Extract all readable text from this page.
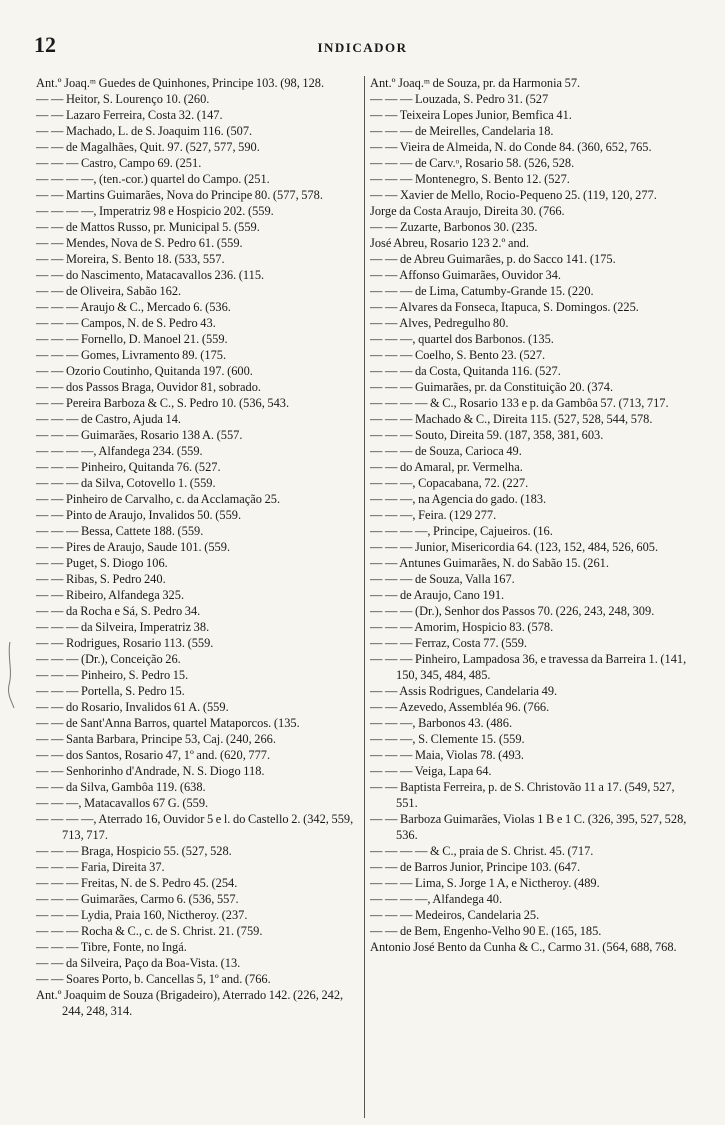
12	INDICADOR

Ant.º Joaq.ᵐ Guedes de Quinhones, Principe 103. (98, 128.

— — Heitor, S. Lourenço 10. (260.

— — Lazaro Ferreira, Costa 32. (147.

— — Machado, L. de S. Joaquim 116. (507.

— — de Magalhães, Quit. 97. (527, 577, 590.

— — — Castro, Campo 69. (251.

— — — —, (ten.-cor.) quartel do Campo. (251.

— — Martins Guimarães, Nova do Principe 80. (577, 578.

— — — —, Imperatriz 98 e Hospicio 202. (559.

— — de Mattos Russo, pr. Municipal 5. (559.

— — Mendes, Nova de S. Pedro 61. (559.

— — Moreira, S. Bento 18. (533, 557.

— — do Nascimento, Matacavallos 236. (115.

— — de Oliveira, Sabão 162.

— — — Araujo & C., Mercado 6. (536.

— — — Campos, N. de S. Pedro 43.

— — — Fornello, D. Manoel 21. (559.

— — — Gomes, Livramento 89. (175.

— — Ozorio Coutinho, Quitanda 197. (600.

— — dos Passos Braga, Ouvidor 81, sobrado.

— — Pereira Barboza & C., S. Pedro 10. (536, 543.

— — — de Castro, Ajuda 14.

— — — Guimarães, Rosario 138 A. (557.

— — — —, Alfandega 234. (559.

— — — Pinheiro, Quitanda 76. (527.

— — — da Silva, Cotovello 1. (559.

— — Pinheiro de Carvalho, c. da Acclamação 25.

— — Pinto de Araujo, Invalidos 50. (559.

— — — Bessa, Cattete 188. (559.

— — Pires de Araujo, Saude 101. (559.

— — Puget, S. Diogo 106.

— — Ribas, S. Pedro 240.

— — Ribeiro, Alfandega 325.

— — da Rocha e Sá, S. Pedro 34.

— — — da Silveira, Imperatriz 38.

— — Rodrigues, Rosario 113. (559.

— — — (Dr.), Conceição 26.

— — — Pinheiro, S. Pedro 15.

— — — Portella, S. Pedro 15.

— — do Rosario, Invalidos 61 A. (559.

— — de Sant'Anna Barros, quartel Mataporcos. (135.

— — Santa Barbara, Principe 53, Caj. (240, 266.

— — dos Santos, Rosario 47, 1º and. (620, 777.

— — Senhorinho d'Andrade, N. S. Diogo 118.

— — da Silva, Gambôa 119. (638.

— — —, Matacavallos 67 G. (559.

— — — —, Aterrado 16, Ouvidor 5 e l. do Castello 2. (342, 559, 713, 717.

— — — Braga, Hospicio 55. (527, 528.

— — — Faria, Direita 37.

— — — Freitas, N. de S. Pedro 45. (254.

— — — Guimarães, Carmo 6. (536, 557.

— — — Lydia, Praia 160, Nictheroy. (237.

— — — Rocha & C., c. de S. Christ. 21. (759.

— — — Tibre, Fonte, no Ingá.

— — da Silveira, Paço da Boa-Vista. (13.

— — Soares Porto, b. Cancellas 5, 1º and. (766.

Ant.º Joaquim de Souza (Brigadeiro), Aterrado 142. (226, 242, 244, 248, 314.

Ant.º Joaq.ᵐ de Souza, pr. da Harmonia 57.

— — — Louzada, S. Pedro 31. (527

— — Teixeira Lopes Junior, Bemfica 41.

— — — de Meirelles, Candelaria 18.

— — Vieira de Almeida, N. do Conde 84. (360, 652, 765.

— — — de Carv.ᵒ, Rosario 58. (526, 528.

— — — Montenegro, S. Bento 12. (527.

— — Xavier de Mello, Rocio-Pequeno 25. (119, 120, 277.

Jorge da Costa Araujo, Direita 30. (766.

— — Zuzarte, Barbonos 30. (235.

José Abreu, Rosario 123 2.º and.

— — de Abreu Guimarães, p. do Sacco 141. (175.

— — Affonso Guimarães, Ouvidor 34.

— — — de Lima, Catumby-Grande 15. (220.

— — Alvares da Fonseca, Itapuca, S. Domingos. (225.

— — Alves, Pedregulho 80.

— — —, quartel dos Barbonos. (135.

— — — Coelho, S. Bento 23. (527.

— — — da Costa, Quitanda 116. (527.

— — — Guimarães, pr. da Constituição 20. (374.

— — — — & C., Rosario 133 e p. da Gambôa 57. (713, 717.

— — — Machado & C., Direita 115. (527, 528, 544, 578.

— — — Souto, Direita 59. (187, 358, 381, 603.

— — — de Souza, Carioca 49.

— — do Amaral, pr. Vermelha.

— — —, Copacabana, 72. (227.

— — —, na Agencia do gado. (183.

— — —, Feira. (129 277.

— — — —, Principe, Cajueiros. (16.

— — — Junior, Misericordia 64. (123, 152, 484, 526, 605.

— — Antunes Guimarães, N. do Sabão 15. (261.

— — — de Souza, Valla 167.

— — de Araujo, Cano 191.

— — — (Dr.), Senhor dos Passos 70. (226, 243, 248, 309.

— — — Amorim, Hospicio 83. (578.

— — — Ferraz, Costa 77. (559.

— — — Pinheiro, Lampadosa 36, e travessa da Barreira 1. (141, 150, 345, 484, 485.

— — Assis Rodrigues, Candelaria 49.

— — Azevedo, Assembléa 96. (766.

— — —, Barbonos 43. (486.

— — —, S. Clemente 15. (559.

— — — Maia, Violas 78. (493.

— — — Veiga, Lapa 64.

— — Baptista Ferreira, p. de S. Christovão 11 a 17. (549, 527, 551.

— — Barboza Guimarães, Violas 1 B e 1 C. (326, 395, 527, 528, 536.

— — — — & C., praia de S. Christ. 45. (717.

— — de Barros Junior, Principe 103. (647.

— — — Lima, S. Jorge 1 A, e Nictheroy. (489.

— — — —, Alfandega 40.

— — — Medeiros, Candelaria 25.

— — de Bem, Engenho-Velho 90 E. (165, 185.

Antonio José Bento da Cunha & C., Carmo 31. (564, 688, 768.
